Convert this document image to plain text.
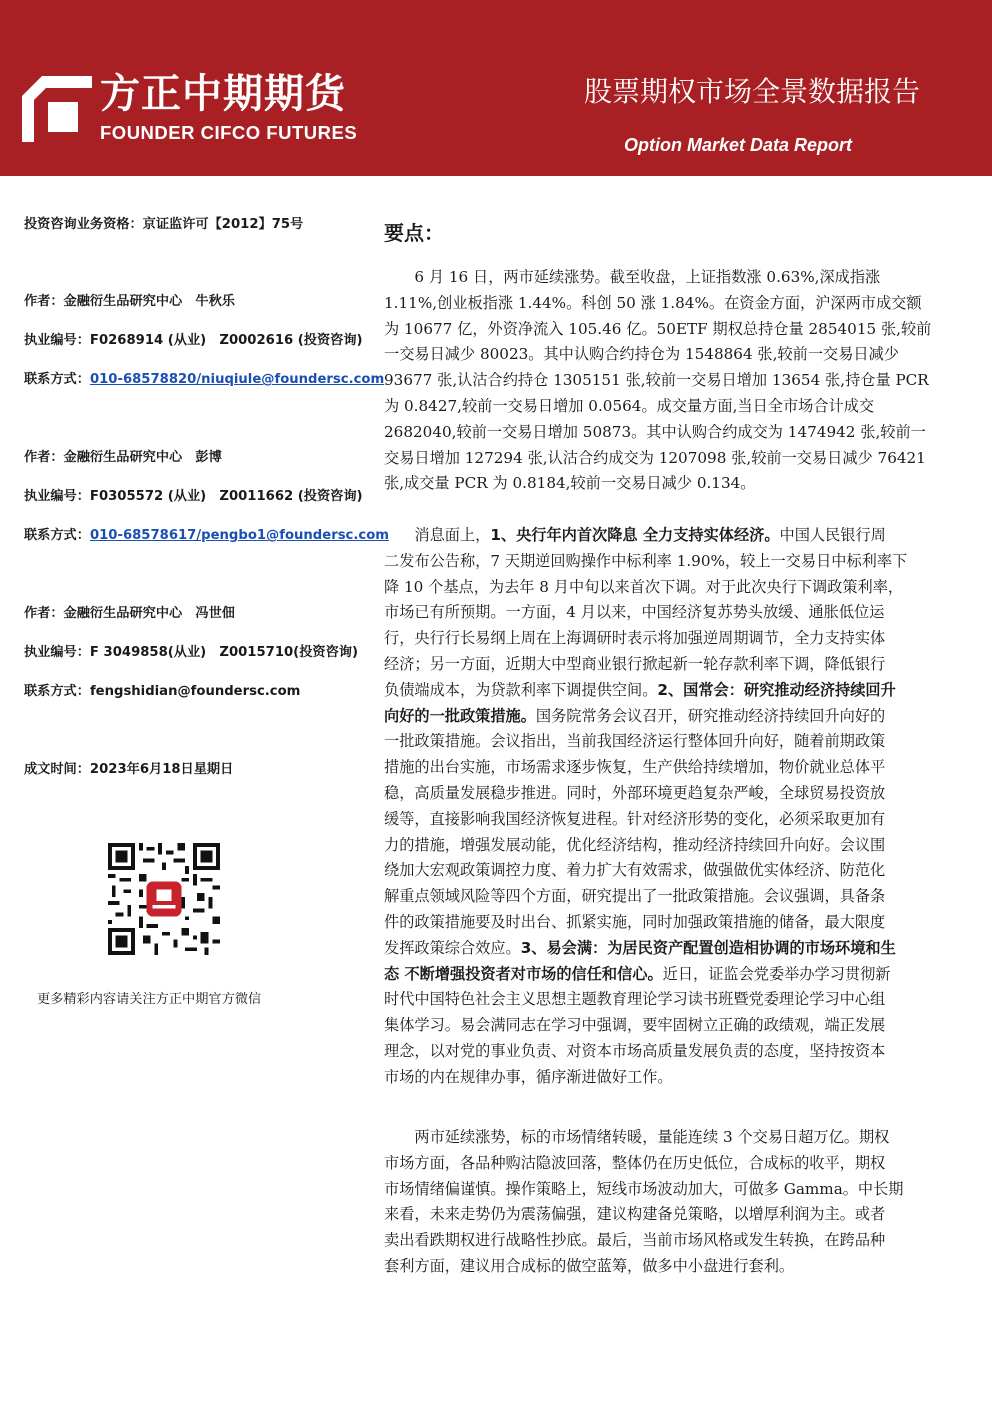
方正中期期货
FOUNDER CIFCO FUTURES
股票期权市场全景数据报告
Option Market Data Report
投资咨询业务资格：京证监许可【2012】75号
作者：金融衍生品研究中心　牛秋乐
执业编号：F0268914 (从业)　Z0002616 (投资咨询)
联系方式：010-68578820/niuqiule@foundersc.com
作者：金融衍生品研究中心　彭博
执业编号：F0305572 (从业)　Z0011662 (投资咨询)
联系方式：010-68578617/pengbo1@foundersc.com
作者：金融衍生品研究中心　冯世佃
执业编号：F 3049858(从业)　Z0015710(投资咨询)
联系方式：fengshidian@foundersc.com
成文时间：2023年6月18日星期日
更多精彩内容请关注方正中期官方微信
要点：
　　6 月 16 日，两市延续涨势。截至收盘，上证指数涨 0.63%,深成指涨
1.11%,创业板指涨 1.44%。科创 50 涨 1.84%。在资金方面，沪深两市成交额
为 10677 亿，外资净流入 105.46 亿。50ETF 期权总持仓量 2854015 张,较前
一交易日减少 80023。其中认购合约持仓为 1548864 张,较前一交易日减少
93677 张,认沽合约持仓 1305151 张,较前一交易日增加 13654 张,持仓量 PCR
为 0.8427,较前一交易日增加 0.0564。成交量方面,当日全市场合计成交
2682040,较前一交易日增加 50873。其中认购合约成交为 1474942 张,较前一
交易日增加 127294 张,认沽合约成交为 1207098 张,较前一交易日减少 76421
张,成交量 PCR 为 0.8184,较前一交易日减少 0.134。
　　消息面上，1、央行年内首次降息 全力支持实体经济。中国人民银行周
二发布公告称，7 天期逆回购操作中标利率 1.90%，较上一交易日中标利率下
降 10 个基点，为去年 8 月中旬以来首次下调。对于此次央行下调政策利率，
市场已有所预期。一方面，4 月以来，中国经济复苏势头放缓、通胀低位运
行，央行行长易纲上周在上海调研时表示将加强逆周期调节，全力支持实体
经济；另一方面，近期大中型商业银行掀起新一轮存款利率下调，降低银行
负债端成本，为贷款利率下调提供空间。2、国常会：研究推动经济持续回升
向好的一批政策措施。国务院常务会议召开，研究推动经济持续回升向好的
一批政策措施。会议指出，当前我国经济运行整体回升向好，随着前期政策
措施的出台实施，市场需求逐步恢复，生产供给持续增加，物价就业总体平
稳，高质量发展稳步推进。同时，外部环境更趋复杂严峻，全球贸易投资放
缓等，直接影响我国经济恢复进程。针对经济形势的变化，必须采取更加有
力的措施，增强发展动能，优化经济结构，推动经济持续回升向好。会议围
绕加大宏观政策调控力度、着力扩大有效需求，做强做优实体经济、防范化
解重点领域风险等四个方面，研究提出了一批政策措施。会议强调，具备条
件的政策措施要及时出台、抓紧实施，同时加强政策措施的储备，最大限度
发挥政策综合效应。3、易会满：为居民资产配置创造相协调的市场环境和生
态 不断增强投资者对市场的信任和信心。近日，证监会党委举办学习贯彻新
时代中国特色社会主义思想主题教育理论学习读书班暨党委理论学习中心组
集体学习。易会满同志在学习中强调，要牢固树立正确的政绩观，端正发展
理念，以对党的事业负责、对资本市场高质量发展负责的态度，坚持按资本
市场的内在规律办事，循序渐进做好工作。
　　两市延续涨势，标的市场情绪转暖，量能连续 3 个交易日超万亿。期权
市场方面，各品种购沽隐波回落，整体仍在历史低位，合成标的收平，期权
市场情绪偏谨慎。操作策略上，短线市场波动加大，可做多 Gamma。中长期
来看，未来走势仍为震荡偏强，建议构建备兑策略，以增厚利润为主。或者
卖出看跌期权进行战略性抄底。最后，当前市场风格或发生转换，在跨品种
套利方面，建议用合成标的做空蓝筹，做多中小盘进行套利。
